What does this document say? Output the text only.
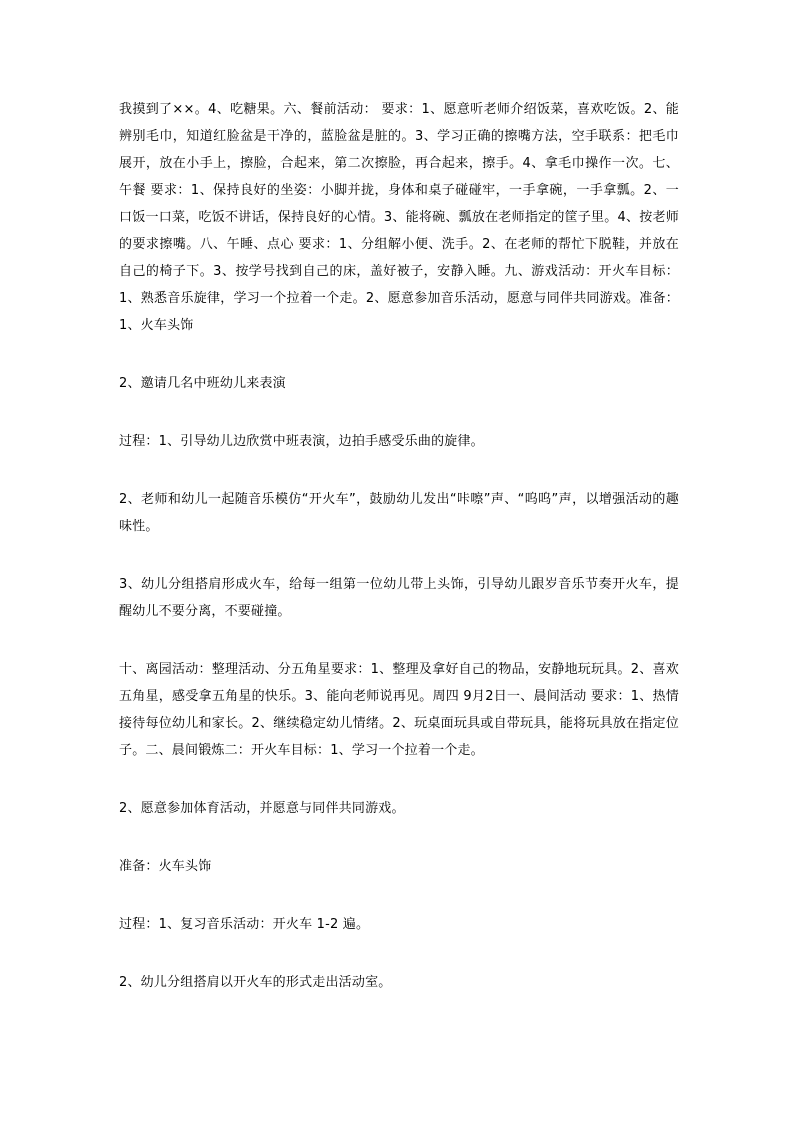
我摸到了××。4、吃糖果。六、餐前活动： 要求：1、愿意听老师介绍饭菜，喜欢吃饭。2、能辨别毛巾，知道红脸盆是干净的，蓝脸盆是脏的。3、学习正确的擦嘴方法，空手联系：把毛巾展开，放在小手上，擦脸，合起来，第二次擦脸，再合起来，擦手。4、拿毛巾操作一次。七、午餐 要求：1、保持良好的坐姿：小脚并拢，身体和桌子碰碰牢，一手拿碗，一手拿瓢。2、一口饭一口菜，吃饭不讲话，保持良好的心情。3、能将碗、瓢放在老师指定的筐子里。4、按老师的要求擦嘴。八、午睡、点心 要求：1、分组解小便、洗手。2、在老师的帮忙下脱鞋，并放在自己的椅子下。3、按学号找到自己的床，盖好被子，安静入睡。九、游戏活动：开火车目标：1、熟悉音乐旋律，学习一个拉着一个走。2、愿意参加音乐活动，愿意与同伴共同游戏。准备：1、火车头饰

2、邀请几名中班幼儿来表演

过程：1、引导幼儿边欣赏中班表演，边拍手感受乐曲的旋律。

2、老师和幼儿一起随音乐模仿“开火车”，鼓励幼儿发出“咔嚓”声、“呜呜”声，以增强活动的趣味性。

3、幼儿分组搭肩形成火车，给每一组第一位幼儿带上头饰，引导幼儿跟岁音乐节奏开火车，提醒幼儿不要分离，不要碰撞。

十、离园活动：整理活动、分五角星要求：1、整理及拿好自己的物品，安静地玩玩具。2、喜欢五角星，感受拿五角星的快乐。3、能向老师说再见。周四 9月2日一、晨间活动 要求：1、热情接待每位幼儿和家长。2、继续稳定幼儿情绪。2、玩桌面玩具或自带玩具，能将玩具放在指定位子。二、晨间锻炼二：开火车目标：1、学习一个拉着一个走。

2、愿意参加体育活动，并愿意与同伴共同游戏。

准备：火车头饰

过程：1、复习音乐活动：开火车 1-2 遍。

2、幼儿分组搭肩以开火车的形式走出活动室。
